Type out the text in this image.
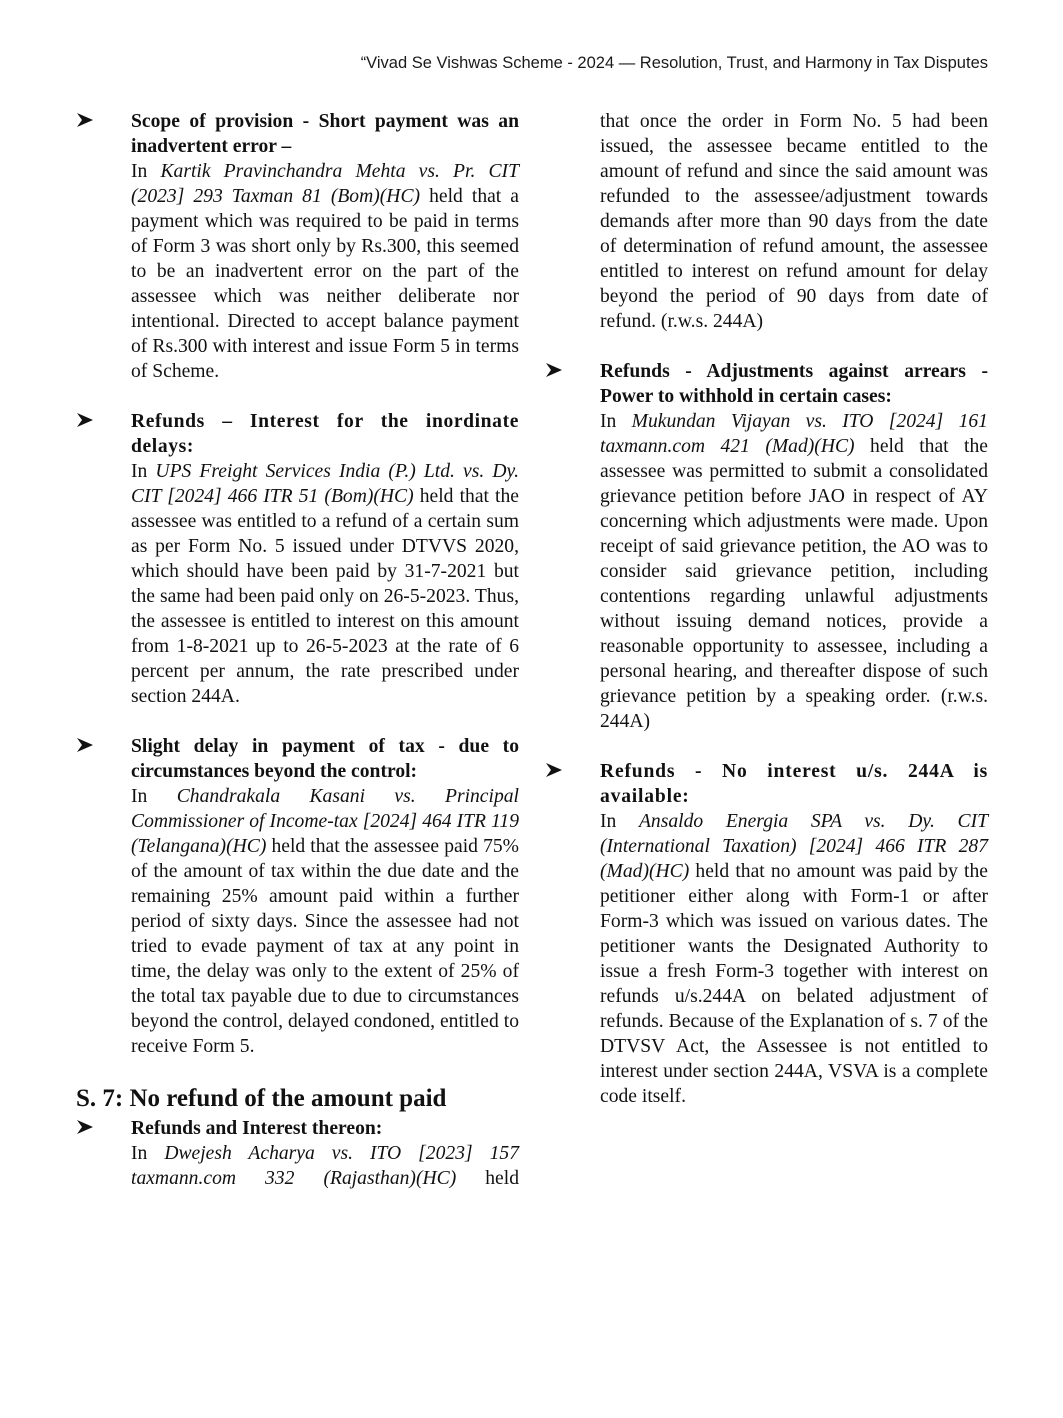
“Vivad Se Vishwas Scheme - 2024 — Resolution, Trust, and Harmony in Tax Disputes
Scope of provision - Short payment was an inadvertent error –
In Kartik Pravinchandra Mehta vs. Pr. CIT (2023] 293 Taxman 81 (Bom)(HC) held that a payment which was required to be paid in terms of Form 3 was short only by Rs.300, this seemed to be an inadvertent error on the part of the assessee which was neither deliberate nor intentional. Directed to accept balance payment of Rs.300 with interest and issue Form 5 in terms of Scheme.
Refunds – Interest for the inordinate delays:
In UPS Freight Services India (P.) Ltd. vs. Dy. CIT [2024] 466 ITR 51 (Bom)(HC) held that the assessee was entitled to a refund of a certain sum as per Form No. 5 issued under DTVVS 2020, which should have been paid by 31-7-2021 but the same had been paid only on 26-5-2023. Thus, the assessee is entitled to interest on this amount from 1-8-2021 up to 26-5-2023 at the rate of 6 percent per annum, the rate prescribed under section 244A.
Slight delay in payment of tax - due to circumstances beyond the control:
In Chandrakala Kasani vs. Principal Commissioner of Income-tax [2024] 464 ITR 119 (Telangana)(HC) held that the assessee paid 75% of the amount of tax within the due date and the remaining 25% amount paid within a further period of sixty days. Since the assessee had not tried to evade payment of tax at any point in time, the delay was only to the extent of 25% of the total tax payable due to due to circumstances beyond the control, delayed condoned, entitled to receive Form 5.
S. 7: No refund of the amount paid
Refunds and Interest thereon:
In Dwejesh Acharya vs. ITO [2023] 157 taxmann.com 332 (Rajasthan)(HC) held
that once the order in Form No. 5 had been issued, the assessee became entitled to the amount of refund and since the said amount was refunded to the assessee/adjustment towards demands after more than 90 days from the date of determination of refund amount, the assessee entitled to interest on refund amount for delay beyond the period of 90 days from date of refund. (r.w.s. 244A)
Refunds - Adjustments against arrears - Power to withhold in certain cases:
In Mukundan Vijayan vs. ITO [2024] 161 taxmann.com 421 (Mad)(HC) held that the assessee was permitted to submit a consolidated grievance petition before JAO in respect of AY concerning which adjustments were made. Upon receipt of said grievance petition, the AO was to consider said grievance petition, including contentions regarding unlawful adjustments without issuing demand notices, provide a reasonable opportunity to assessee, including a personal hearing, and thereafter dispose of such grievance petition by a speaking order. (r.w.s. 244A)
Refunds - No interest u/s. 244A is available:
In Ansaldo Energia SPA vs. Dy. CIT (International Taxation) [2024] 466 ITR 287 (Mad)(HC) held that no amount was paid by the petitioner either along with Form-1 or after Form-3 which was issued on various dates. The petitioner wants the Designated Authority to issue a fresh Form-3 together with interest on refunds u/s.244A on belated adjustment of refunds. Because of the Explanation of s. 7 of the DTVSV Act, the Assessee is not entitled to interest under section 244A, VSVA is a complete code itself.
